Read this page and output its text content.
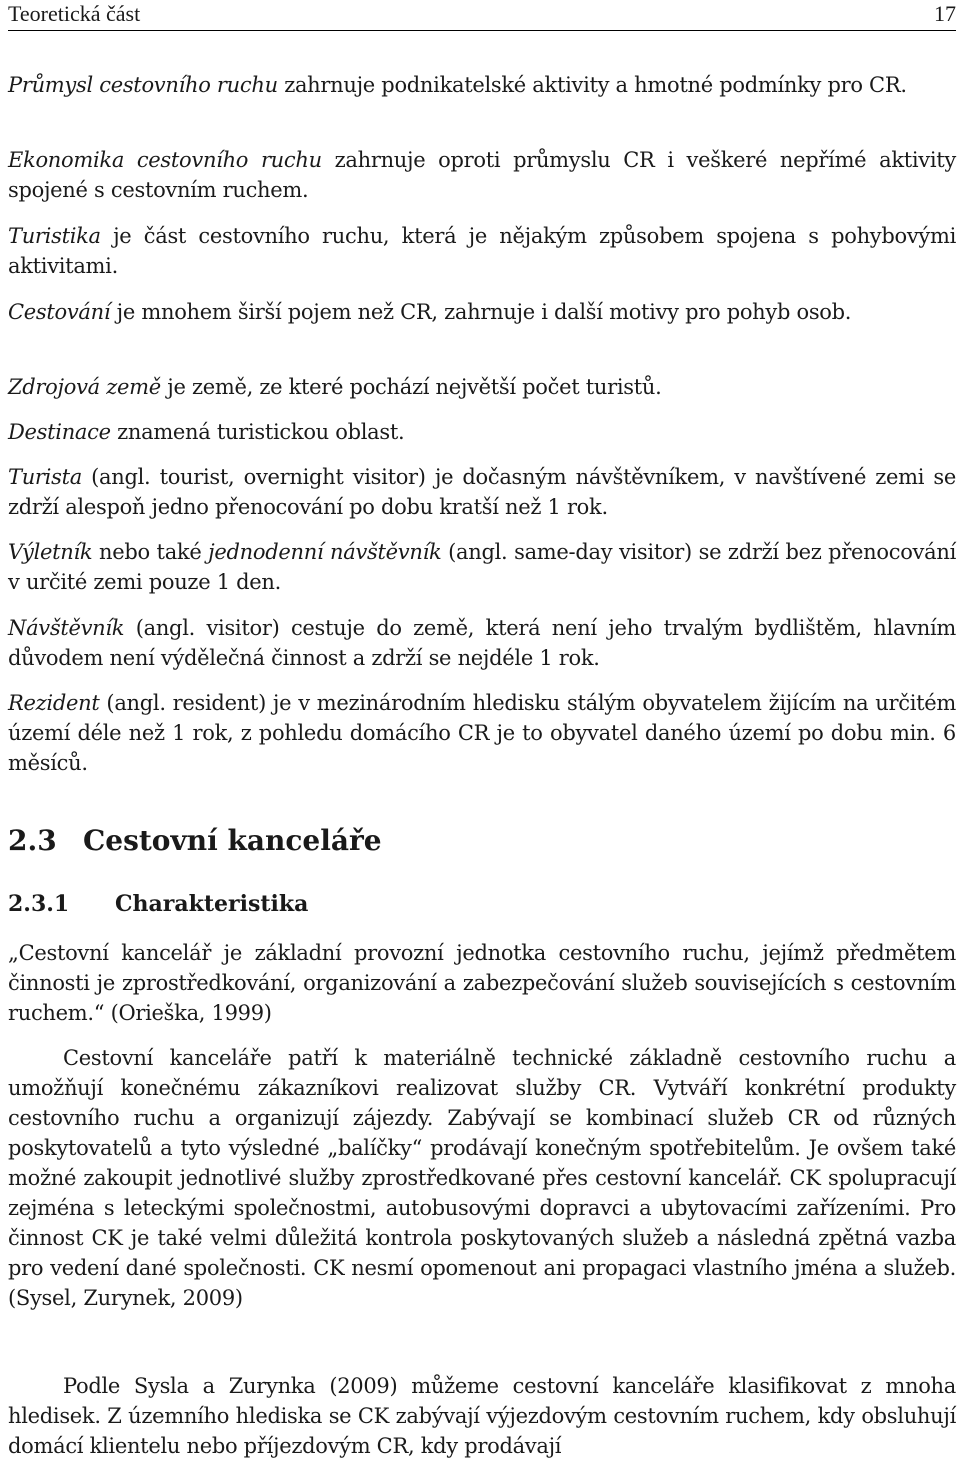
Teoretická část	17
Průmysl cestovního ruchu zahrnuje podnikatelské aktivity a hmotné podmínky pro CR.
Ekonomika cestovního ruchu zahrnuje oproti průmyslu CR i veškeré nepřímé aktivity spojené s cestovním ruchem.
Turistika je část cestovního ruchu, která je nějakým způsobem spojena s pohybovými aktivitami.
Cestování je mnohem širší pojem než CR, zahrnuje i další motivy pro pohyb osob.
Zdrojová země je země, ze které pochází největší počet turistů.
Destinace znamená turistickou oblast.
Turista (angl. tourist, overnight visitor) je dočasným návštěvníkem, v navštívené zemi se zdrží alespoň jedno přenocování po dobu kratší než 1 rok.
Výletník nebo také jednodenní návštěvník (angl. same-day visitor) se zdrží bez přenocování v určité zemi pouze 1 den.
Návštěvník (angl. visitor) cestuje do země, která není jeho trvalým bydlištěm, hlavním důvodem není výdělečná činnost a zdrží se nejdéle 1 rok.
Rezident (angl. resident) je v mezinárodním hledisku stálým obyvatelem žijícím na určitém území déle než 1 rok, z pohledu domácího CR je to obyvatel daného území po dobu min. 6 měsíců.
2.3 Cestovní kanceláře
2.3.1 Charakteristika
„Cestovní kancelář je základní provozní jednotka cestovního ruchu, jejímž předmětem činnosti je zprostředkování, organizování a zabezpečování služeb souvisejících s cestovním ruchem.“ (Orieška, 1999)
Cestovní kanceláře patří k materiálně technické základně cestovního ruchu a umožňují konečnému zákazníkovi realizovat služby CR. Vytváří konkrétní produkty cestovního ruchu a organizují zájezdy. Zabývají se kombinací služeb CR od různých poskytovatelů a tyto výsledné „balíčky“ prodávají konečným spotřebitelům. Je ovšem také možné zakoupit jednotlivé služby zprostředkované přes cestovní kancelář. CK spolupracují zejména s leteckými společnostmi, autobusovými dopravci a ubytovacími zařízeními. Pro činnost CK je také velmi důležitá kontrola poskytovaných služeb a následná zpětná vazba pro vedení dané společnosti. CK nesmí opomenout ani propagaci vlastního jména a služeb. (Sysel, Zurynek, 2009)
Podle Sysla a Zurynka (2009) můžeme cestovní kanceláře klasifikovat z mnoha hledisek. Z územního hlediska se CK zabývají výjezdovým cestovním ruchem, kdy obsluhují domácí klientelu nebo příjezdovým CR, kdy prodávají
